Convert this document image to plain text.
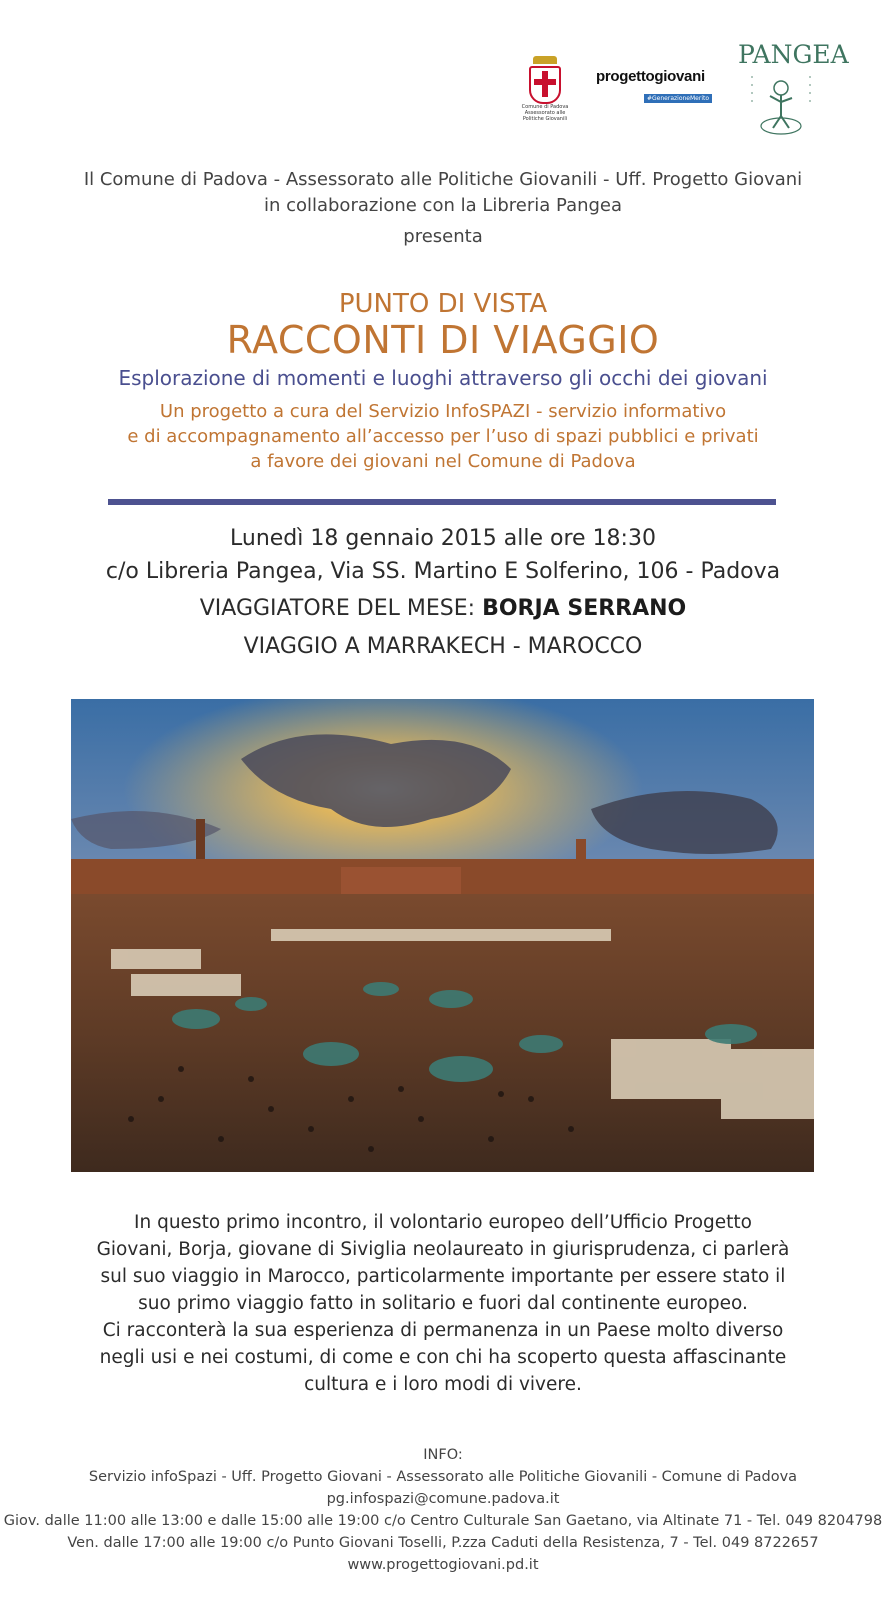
Comune di Padova Assessorato alle Politiche Giovanili
progettogiovani
#GenerazioneMerito
PANGEA
Il Comune di Padova - Assessorato alle Politiche Giovanili - Uff. Progetto Giovani
in collaborazione con la Libreria Pangea
presenta
PUNTO DI VISTA
RACCONTI DI VIAGGIO
Esplorazione di momenti e luoghi attraverso gli occhi dei giovani
Un progetto a cura del Servizio InfoSPAZI - servizio informativo
e di accompagnamento all’accesso per l’uso di spazi pubblici e privati
a favore dei giovani nel Comune di Padova
Lunedì 18 gennaio 2015 alle ore 18:30
c/o Libreria Pangea, Via SS. Martino E Solferino, 106 - Padova
VIAGGIATORE DEL MESE: BORJA SERRANO
VIAGGIO A MARRAKECH - MAROCCO
In questo primo incontro, il volontario europeo dell’Ufficio Progetto
Giovani, Borja, giovane di Siviglia neolaureato in giurisprudenza, ci parlerà
sul suo viaggio in Marocco, particolarmente importante per essere stato il
suo primo viaggio fatto in solitario e fuori dal continente europeo.
Ci racconterà la sua esperienza di permanenza in un Paese molto diverso
negli usi e nei costumi, di come e con chi ha scoperto questa affascinante
cultura e i loro modi di vivere.
INFO:
Servizio infoSpazi - Uff. Progetto Giovani - Assessorato alle Politiche Giovanili - Comune di Padova
pg.infospazi@comune.padova.it
Giov. dalle 11:00 alle 13:00 e dalle 15:00 alle 19:00 c/o Centro Culturale San Gaetano, via Altinate 71 - Tel. 049 8204798
Ven. dalle 17:00 alle 19:00 c/o Punto Giovani Toselli, P.zza Caduti della Resistenza, 7 - Tel. 049 8722657
www.progettogiovani.pd.it
